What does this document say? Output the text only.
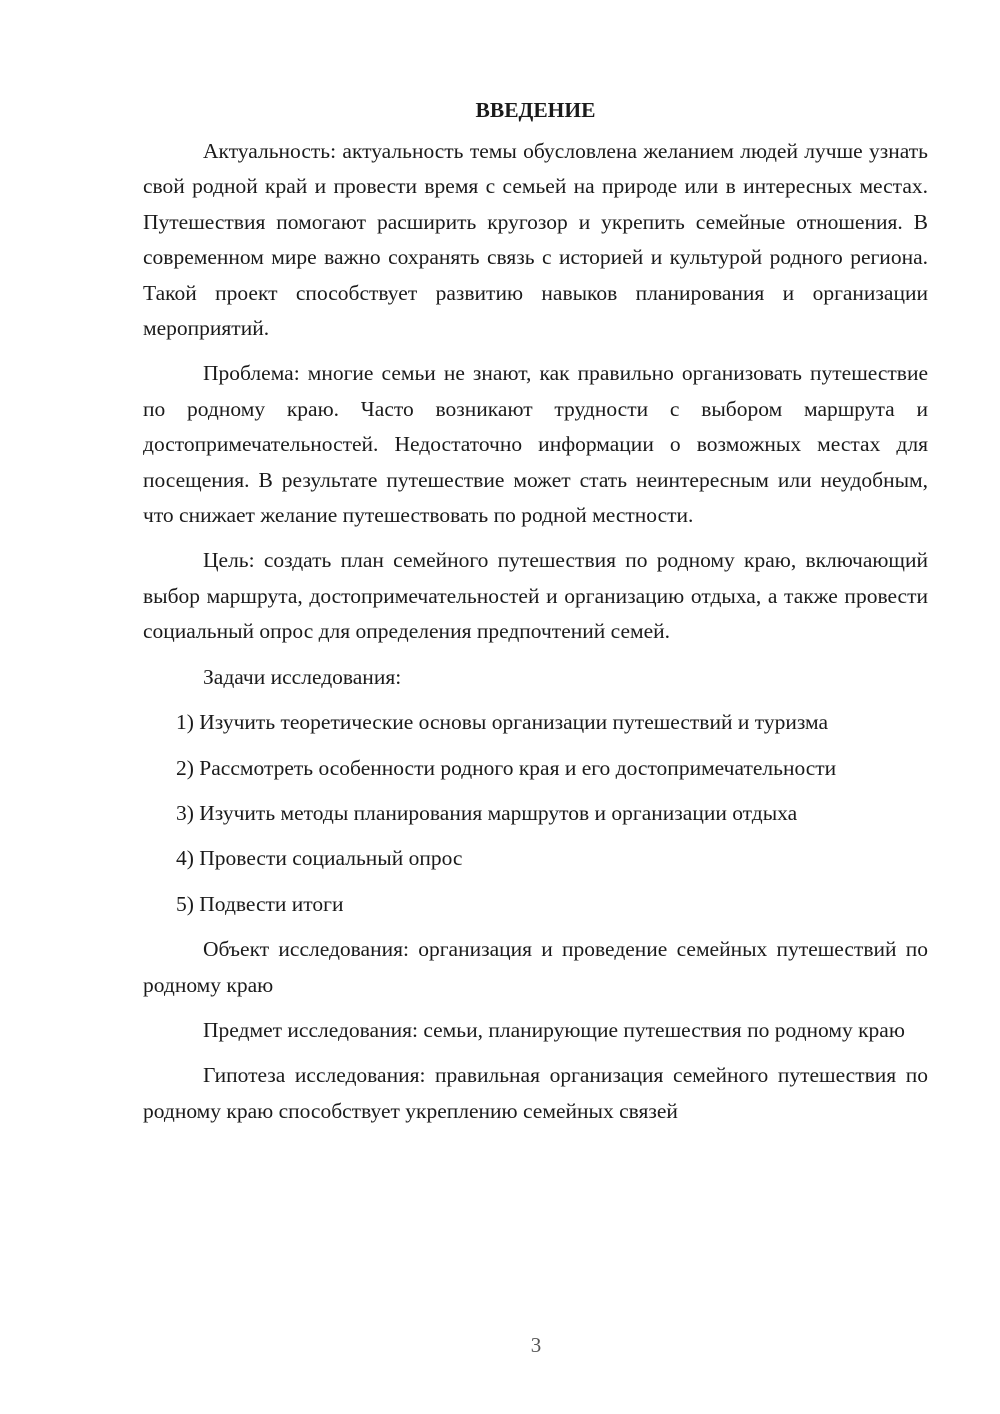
ВВЕДЕНИЕ

Актуальность: актуальность темы обусловлена желанием людей лучше узнать свой родной край и провести время с семьей на природе или в интересных местах. Путешествия помогают расширить кругозор и укрепить семейные отношения. В современном мире важно сохранять связь с историей и культурой родного региона. Такой проект способствует развитию навыков планирования и организации мероприятий.

Проблема: многие семьи не знают, как правильно организовать путешествие по родному краю. Часто возникают трудности с выбором маршрута и достопримечательностей. Недостаточно информации о возможных местах для посещения. В результате путешествие может стать неинтересным или неудобным, что снижает желание путешествовать по родной местности.

Цель: создать план семейного путешествия по родному краю, включающий выбор маршрута, достопримечательностей и организацию отдыха, а также провести социальный опрос для определения предпочтений семей.

Задачи исследования:

1) Изучить теоретические основы организации путешествий и туризма

2) Рассмотреть особенности родного края и его достопримечательности

3) Изучить методы планирования маршрутов и организации отдыха

4) Провести социальный опрос

5) Подвести итоги

Объект исследования: организация и проведение семейных путешествий по родному краю

Предмет исследования: семьи, планирующие путешествия по родному краю

Гипотеза исследования: правильная организация семейного путешествия по родному краю способствует укреплению семейных связей

3
